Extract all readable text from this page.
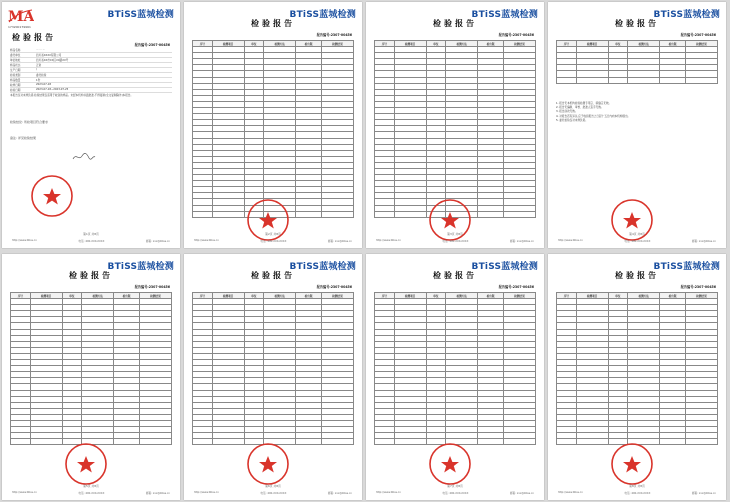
MA
173200179961
BTiSS蓝城检测
检验报告
报告编号:2307-00456
样品名称	··· ··· ···
委托单位	四川省XXXX有限公司
单位地址	四川省XX市XX区XX路XX号
样品状态	正常
生产日期	/
检验类别	委托检验
样品数量	1份
收样日期	2023-07-18
检验日期	2023-07-18~2023-07-25
本报告仅对来样负责,检验结果仅适用于收到的样品。未经本机构书面批准,不得复制(全文复制除外)本报告。
检验结论: 所检项目符合要求
备注: 详见检验结果
第1页 共8页
http://www.btiss.cn	电话: 400-XXX-XXXX	邮箱: xxx@btiss.cn
BTiSS蓝城检测
检验报告
报告编号:2307-00456
序号	检测项目	单位	检测方法	检出限	检测结果

第2页 共8页
http://www.btiss.cn	电话: 400-XXX-XXXX	邮箱: xxx@btiss.cn
BTiSS蓝城检测
检验报告
报告编号:2307-00456
序号	检测项目	单位	检测方法	检出限	检测结果

第3页 共8页
http://www.btiss.cn	电话: 400-XXX-XXXX	邮箱: xxx@btiss.cn
BTiSS蓝城检测
检验报告
报告编号:2307-00456
序号	检测项目	单位	检测方法	检出限	检测结果

1. 报告无本机构检验检测专用章、骑缝章无效。
2. 报告无编制、审核、批准人签字无效。
3. 报告涂改无效。
4. 对报告若有异议,应于收到报告之日起十五日内向本机构提出。
5. 委托检验仅对来样负责。
第4页 共8页
http://www.btiss.cn	电话: 400-XXX-XXXX	邮箱: xxx@btiss.cn
BTiSS蓝城检测
检验报告
报告编号:2307-00456
序号	检测项目	单位	检测方法	检出限	检测结果

第5页 共8页
http://www.btiss.cn	电话: 400-XXX-XXXX	邮箱: xxx@btiss.cn
BTiSS蓝城检测
检验报告
报告编号:2307-00456
序号	检测项目	单位	检测方法	检出限	检测结果

第6页 共8页
http://www.btiss.cn	电话: 400-XXX-XXXX	邮箱: xxx@btiss.cn
BTiSS蓝城检测
检验报告
报告编号:2307-00456
序号	检测项目	单位	检测方法	检出限	检测结果

第7页 共8页
http://www.btiss.cn	电话: 400-XXX-XXXX	邮箱: xxx@btiss.cn
BTiSS蓝城检测
检验报告
报告编号:2307-00456
序号	检测项目	单位	检测方法	检出限	检测结果

第8页 共8页
http://www.btiss.cn	电话: 400-XXX-XXXX	邮箱: xxx@btiss.cn
